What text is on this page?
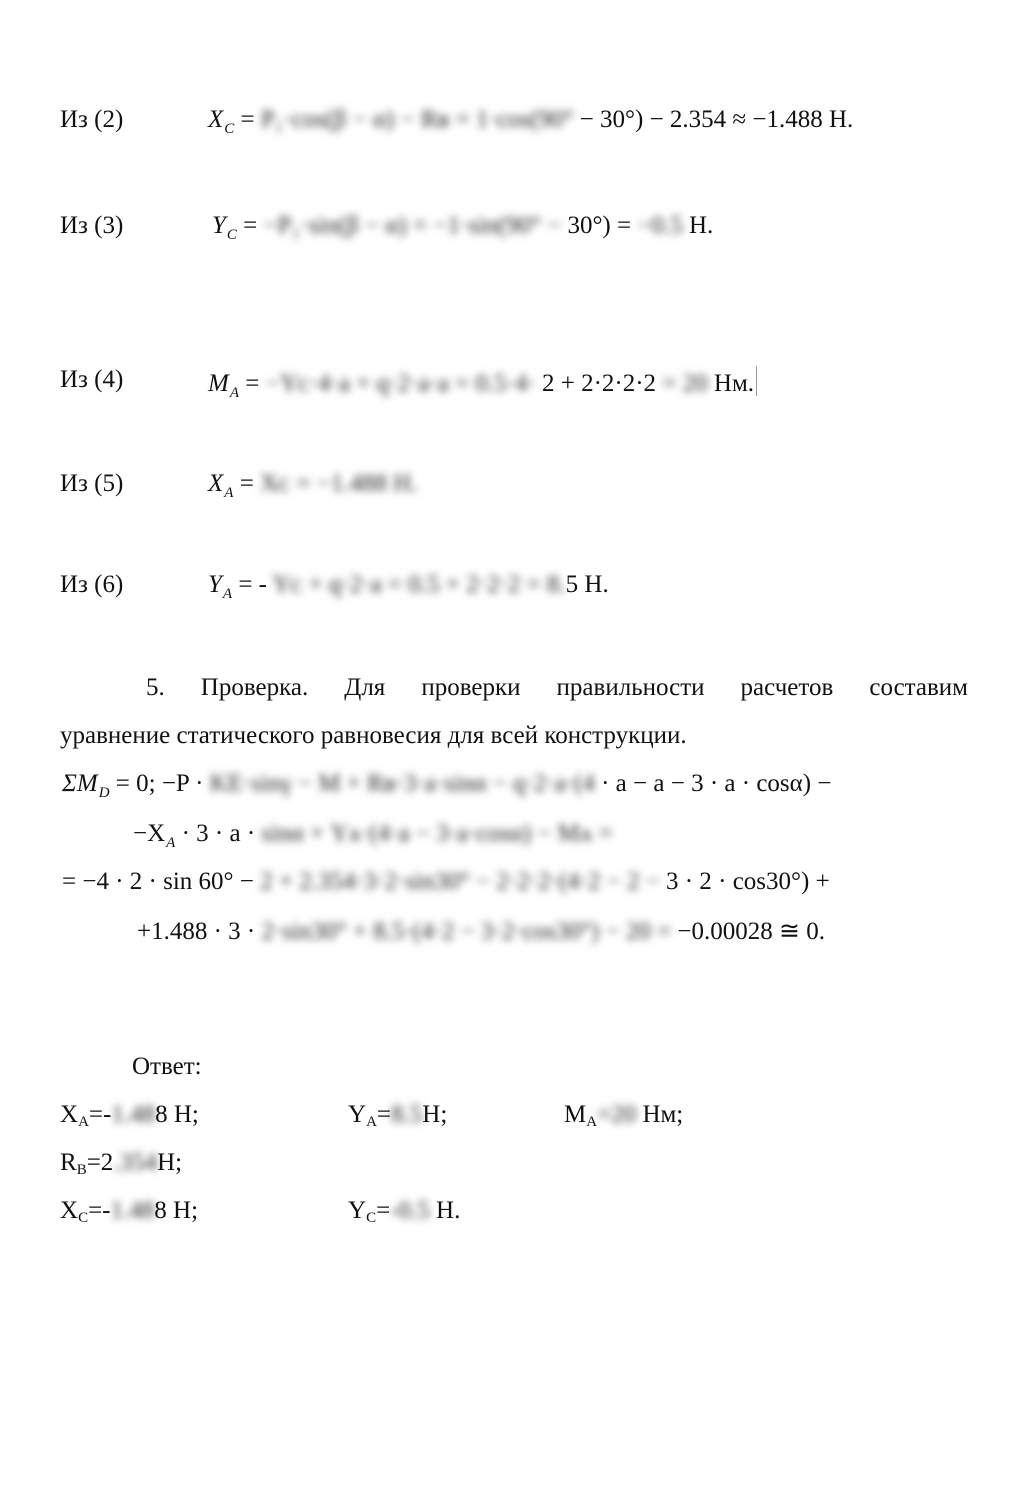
Из (2)	$X_C = P_1\cdot\cos(\beta - \alpha)$ − Rв = 1·cos(90° − 30°) − 2.354 ≈ −1.488 Н.
Из (3)	$Y_C = -P_1\cdot\sin(\beta - \alpha) = -1\cdot\sin(90^\circ - 30^\circ) = -0.5$ Н.
Из (4)	$M_A$ = −Yᴄ·4·a + q·2·a·a = 0.5·4· 2 + 2·2·2·2 = 20 Нм.
Из (5)	$X_A$ = Xᴄ = −1.488 Н.
Из (6)	$Y_A$ = - Yᴄ + q·2·a = 0.5 + 2·2·2 = 8.5 Н.
5. Проверка. Для проверки правильности расчетов составим
уравнение статического равновесия для всей конструкции.
$\Sigma M_D = 0$; −P · KE·sinγ − M + Rв·3·a·sinα − q·2·a·(4 · a − a − 3 · a · cosα) −
$-X_A \cdot 3 \cdot a \cdot \sin\alpha$ + Yᴀ·(4·a − 3·a·cosα) − Mᴀ =
= −4 · 2 · sin 60° − 2 + 2.354·3·2·sin30° − 2·2·2·(4·2 − 2 − 3 · 2 · cos30°) +
+1.488 · 3 · 2·sin30° + 8.5·(4·2 − 3·2·cos30°) − 20 = −0.00028 ≅ 0.
Ответ:
XA=-1.488 Н;	YA=8.5Н;	MA=20 Нм;
RB=2.354Н;
XC=-1.488 Н;	YC=-0.5 Н.
